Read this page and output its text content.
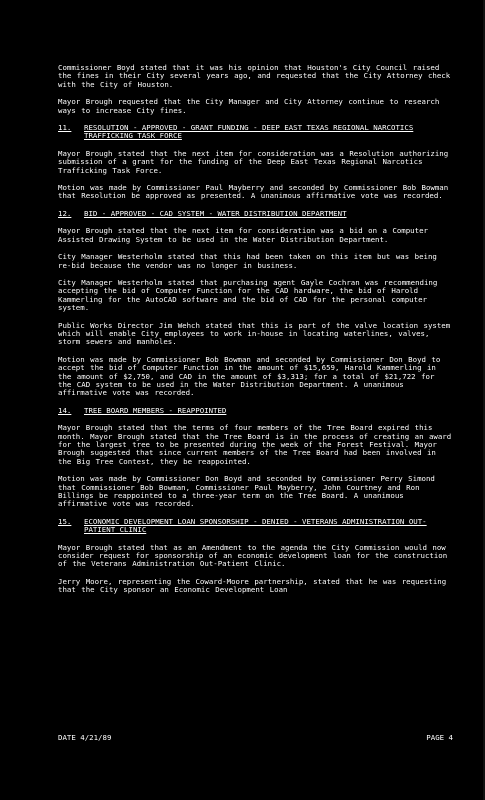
Commissioner Boyd stated that it was his opinion that Houston's City Council raised the fines in their City several years ago, and requested that the City Attorney check with the City of Houston.

Mayor Brough requested that the City Manager and City Attorney continue to research ways to increase City fines.

11.	RESOLUTION - APPROVED - GRANT FUNDING - DEEP EAST TEXAS REGIONAL NARCOTICS TRAFFICKING TASK FORCE

Mayor Brough stated that the next item for consideration was a Resolution authorizing submission of a grant for the funding of the Deep East Texas Regional Narcotics Trafficking Task Force.

Motion was made by Commissioner Paul Mayberry and seconded by Commissioner Bob Bowman that Resolution be approved as presented. A unanimous affirmative vote was recorded.

12.	BID - APPROVED - CAD SYSTEM - WATER DISTRIBUTION DEPARTMENT

Mayor Brough stated that the next item for consideration was a bid on a Computer Assisted Drawing System to be used in the Water Distribution Department.

City Manager Westerholm stated that this had been taken on this item but was being re-bid because the vendor was no longer in business.

City Manager Westerholm stated that purchasing agent Gayle Cochran was recommending accepting the bid of Computer Function for the CAD hardware, the bid of Harold Kammerling for the AutoCAD software and the bid of CAD for the personal computer system.

Public Works Director Jim Wehch stated that this is part of the valve location system which will enable City employees to work in-house in locating waterlines, valves, storm sewers and manholes.

Motion was made by Commissioner Bob Bowman and seconded by Commissioner Don Boyd to accept the bid of Computer Function in the amount of $15,659, Harold Kammerling in the amount of $2,750, and CAD in the amount of $3,313; for a total of $21,722 for the CAD system to be used in the Water Distribution Department. A unanimous affirmative vote was recorded.

14.	TREE BOARD MEMBERS - REAPPOINTED

Mayor Brough stated that the terms of four members of the Tree Board expired this month. Mayor Brough stated that the Tree Board is in the process of creating an award for the largest tree to be presented during the week of the Forest Festival. Mayor Brough suggested that since current members of the Tree Board had been involved in the Big Tree Contest, they be reappointed.

Motion was made by Commissioner Don Boyd and seconded by Commissioner Perry Simond that Commissioner Bob Bowman, Commissioner Paul Mayberry, John Courtney and Ron Billings be reappointed to a three-year term on the Tree Board. A unanimous affirmative vote was recorded.

15.	ECONOMIC DEVELOPMENT LOAN SPONSORSHIP - DENIED - VETERANS ADMINISTRATION OUT-PATIENT CLINIC

Mayor Brough stated that as an Amendment to the agenda the City Commission would now consider request for sponsorship of an economic development loan for the construction of the Veterans Administration Out-Patient Clinic.

Jerry Moore, representing the Coward-Moore partnership, stated that he was requesting that the City sponsor an Economic Development Loan

DATE 4/21/89	PAGE 4
